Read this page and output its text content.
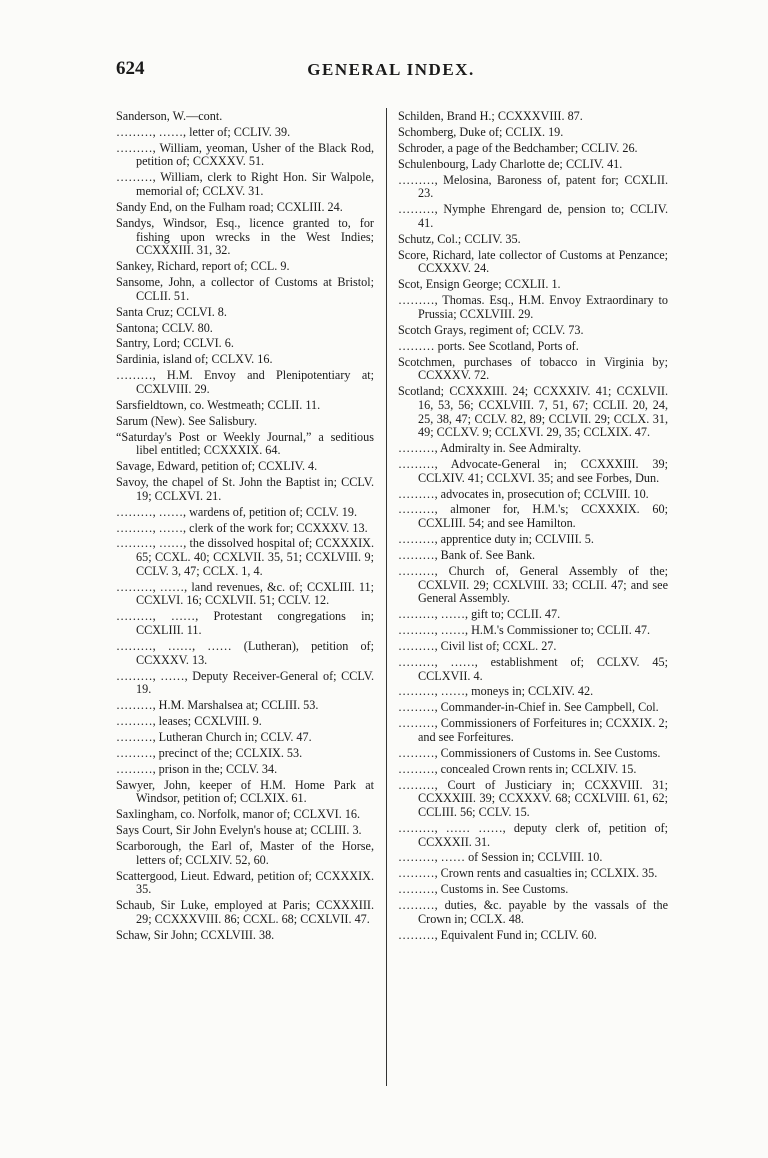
624	GENERAL INDEX.
Sanderson, W.—cont.
………, ……, letter of; CCLIV. 39.
………, William, yeoman, Usher of the Black Rod, petition of; CCXXXV. 51.
………, William, clerk to Right Hon. Sir Walpole, memorial of; CCLXV. 31.
Sandy End, on the Fulham road; CCXLIII. 24.
Sandys, Windsor, Esq., licence granted to, for fishing upon wrecks in the West Indies; CCXXXIII. 31, 32.
Sankey, Richard, report of; CCL. 9.
Sansome, John, a collector of Customs at Bristol; CCLII. 51.
Santa Cruz; CCLVI. 8.
Santona; CCLV. 80.
Santry, Lord; CCLVI. 6.
Sardinia, island of; CCLXV. 16.
………, H.M. Envoy and Plenipotentiary at; CCXLVIII. 29.
Sarsfieldtown, co. Westmeath; CCLII. 11.
Sarum (New). See Salisbury.
“Saturday's Post or Weekly Journal,” a seditious libel entitled; CCXXXIX. 64.
Savage, Edward, petition of; CCXLIV. 4.
Savoy, the chapel of St. John the Baptist in; CCLV. 19; CCLXVI. 21.
………, ……, wardens of, petition of; CCLV. 19.
………, ……, clerk of the work for; CCXXXV. 13.
………, ……, the dissolved hospital of; CCXXXIX. 65; CCXL. 40; CCXLVII. 35, 51; CCXLVIII. 9; CCLV. 3, 47; CCLX. 1, 4.
………, ……, land revenues, &c. of; CCXLIII. 11; CCXLVI. 16; CCXLVII. 51; CCLV. 12.
………, ……, Protestant congregations in; CCXLIII. 11.
………, ……, …… (Lutheran), petition of; CCXXXV. 13.
………, ……, Deputy Receiver-General of; CCLV. 19.
………, H.M. Marshalsea at; CCLIII. 53.
………, leases; CCXLVIII. 9.
………, Lutheran Church in; CCLV. 47.
………, precinct of the; CCLXIX. 53.
………, prison in the; CCLV. 34.
Sawyer, John, keeper of H.M. Home Park at Windsor, petition of; CCLXIX. 61.
Saxlingham, co. Norfolk, manor of; CCLXVI. 16.
Says Court, Sir John Evelyn's house at; CCLIII. 3.
Scarborough, the Earl of, Master of the Horse, letters of; CCLXIV. 52, 60.
Scattergood, Lieut. Edward, petition of; CCXXXIX. 35.
Schaub, Sir Luke, employed at Paris; CCXXXIII. 29; CCXXXVIII. 86; CCXL. 68; CCXLVII. 47.
Schaw, Sir John; CCXLVIII. 38.
Schilden, Brand H.; CCXXXVIII. 87.
Schomberg, Duke of; CCLIX. 19.
Schroder, a page of the Bedchamber; CCLIV. 26.
Schulenbourg, Lady Charlotte de; CCLIV. 41.
………, Melosina, Baroness of, patent for; CCXLII. 23.
………, Nymphe Ehrengard de, pension to; CCLIV. 41.
Schutz, Col.; CCLIV. 35.
Score, Richard, late collector of Customs at Penzance; CCXXXV. 24.
Scot, Ensign George; CCXLII. 1.
………, Thomas. Esq., H.M. Envoy Extraordinary to Prussia; CCXLVIII. 29.
Scotch Grays, regiment of; CCLV. 73.
……… ports. See Scotland, Ports of.
Scotchmen, purchases of tobacco in Virginia by; CCXXXV. 72.
Scotland; CCXXXIII. 24; CCXXXIV. 41; CCXLVII. 16, 53, 56; CCXLVIII. 7, 51, 67; CCLII. 20, 24, 25, 38, 47; CCLV. 82, 89; CCLVII. 29; CCLX. 31, 49; CCLXV. 9; CCLXVI. 29, 35; CCLXIX. 47.
………, Admiralty in. See Admiralty.
………, Advocate-General in; CCXXXIII. 39; CCLXIV. 41; CCLXVI. 35; and see Forbes, Dun.
………, advocates in, prosecution of; CCLVIII. 10.
………, almoner for, H.M.'s; CCXXXIX. 60; CCXLIII. 54; and see Hamilton.
………, apprentice duty in; CCLVIII. 5.
………, Bank of. See Bank.
………, Church of, General Assembly of the; CCXLVII. 29; CCXLVIII. 33; CCLII. 47; and see General Assembly.
………, ……, gift to; CCLII. 47.
………, ……, H.M.'s Commissioner to; CCLII. 47.
………, Civil list of; CCXL. 27.
………, ……, establishment of; CCLXV. 45; CCLXVII. 4.
………, ……, moneys in; CCLXIV. 42.
………, Commander-in-Chief in. See Campbell, Col.
………, Commissioners of Forfeitures in; CCXXIX. 2; and see Forfeitures.
………, Commissioners of Customs in. See Customs.
………, concealed Crown rents in; CCLXIV. 15.
………, Court of Justiciary in; CCXXVIII. 31; CCXXXIII. 39; CCXXXV. 68; CCXLVIII. 61, 62; CCLIII. 56; CCLV. 15.
………, …… ……, deputy clerk of, petition of; CCXXXII. 31.
………, …… of Session in; CCLVIII. 10.
………, Crown rents and casualties in; CCLXIX. 35.
………, Customs in. See Customs.
………, duties, &c. payable by the vassals of the Crown in; CCLX. 48.
………, Equivalent Fund in; CCLIV. 60.
